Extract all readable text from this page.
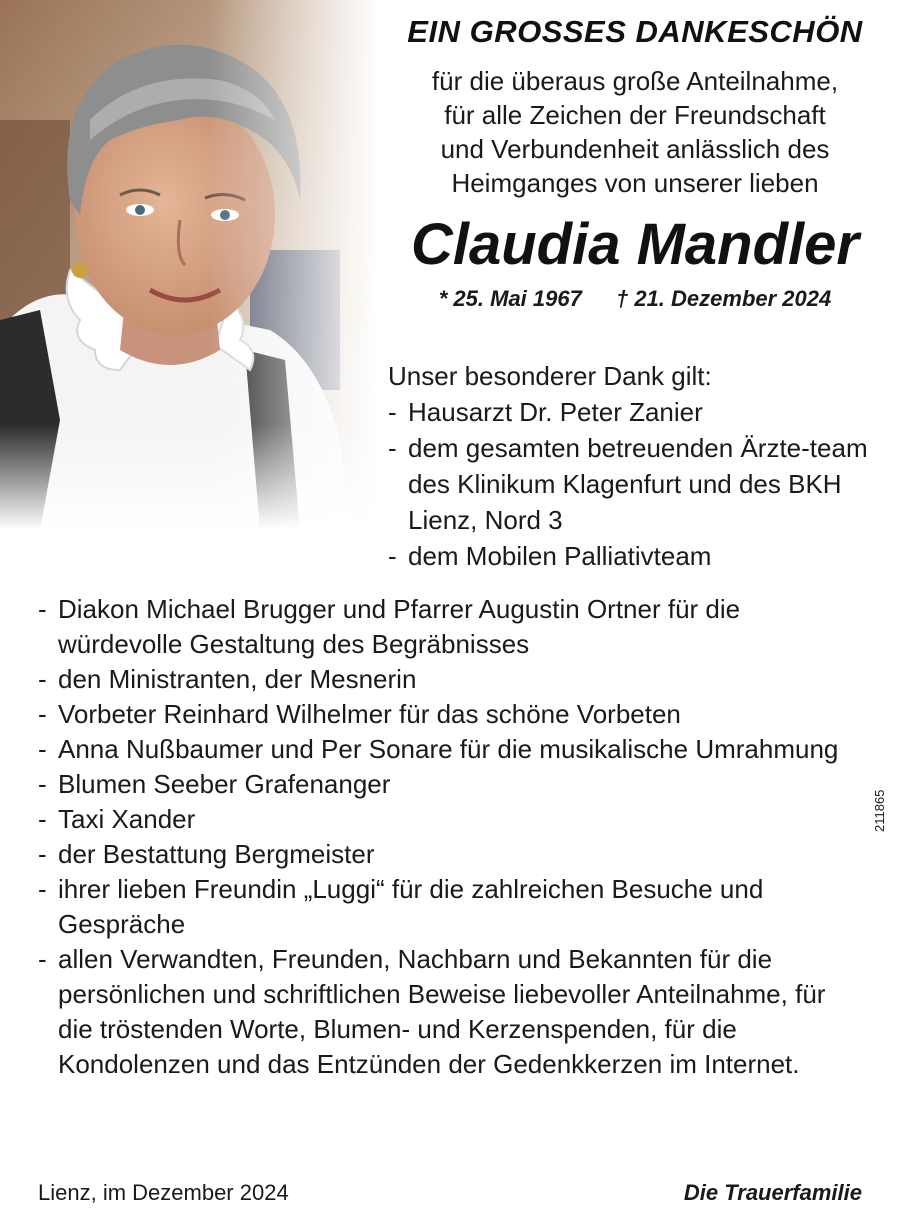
EIN GROSSES DANKESCHÖN

für die überaus große Anteilnahme,

für alle Zeichen der Freundschaft

und Verbundenheit anlässlich des

Heimganges von unserer lieben

Claudia Mandler
* 25. Mai 1967 † 21. Dezember 2024

Unser besonderer Dank gilt:

- Hausarzt Dr. Peter Zanier
- dem gesamten betreuenden Ärzte-team des Klinikum Klagenfurt und des BKH Lienz, Nord 3
- dem Mobilen Palliativteam
- Diakon Michael Brugger und Pfarrer Augustin Ortner für die würdevolle Gestaltung des Begräbnisses
- den Ministranten, der Mesnerin
- Vorbeter Reinhard Wilhelmer für das schöne Vorbeten
- Anna Nußbaumer und Per Sonare für die musikalische Umrahmung
- Blumen Seeber Grafenanger
- Taxi Xander
- der Bestattung Bergmeister
- ihrer lieben Freundin „Luggi“ für die zahlreichen Besuche und Gespräche
- allen Verwandten, Freunden, Nachbarn und Bekannten für die persönlichen und schriftlichen Beweise liebevoller Anteilnahme, für die tröstenden Worte, Blumen- und Kerzenspenden, für die Kondolenzen und das Entzünden der Gedenkkerzen im Internet.
Lienz, im Dezember 2024	Die Trauerfamilie
211865
